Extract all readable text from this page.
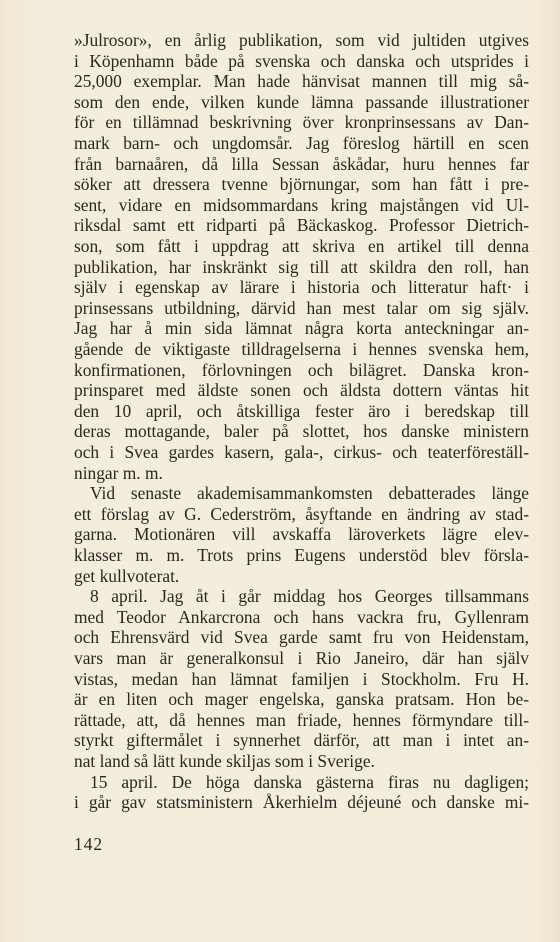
»Julrosor», en årlig publikation, som vid jultiden utgives
i Köpenhamn både på svenska och danska och utsprides i
25,000 exemplar. Man hade hänvisat mannen till mig så-
som den ende, vilken kunde lämna passande illustrationer
för en tillämnad beskrivning över kronprinsessans av Dan-
mark barn- och ungdomsår. Jag föreslog härtill en scen
från barnaåren, då lilla Sessan åskådar, huru hennes far
söker att dressera tvenne björnungar, som han fått i pre-
sent, vidare en midsommardans kring majstången vid Ul-
riksdal samt ett ridparti på Bäckaskog. Professor Dietrich-
son, som fått i uppdrag att skriva en artikel till denna
publikation, har inskränkt sig till att skildra den roll, han
själv i egenskap av lärare i historia och litteratur haft· i
prinsessans utbildning, därvid han mest talar om sig själv.
Jag har å min sida lämnat några korta anteckningar an-
gående de viktigaste tilldragelserna i hennes svenska hem,
konfirmationen, förlovningen och bilägret. Danska kron-
prinsparet med äldste sonen och äldsta dottern väntas hit
den 10 april, och åtskilliga fester äro i beredskap till
deras mottagande, baler på slottet, hos danske ministern
och i Svea gardes kasern, gala-, cirkus- och teaterföreställ-
ningar m. m.
Vid senaste akademisammankomsten debatterades länge
ett förslag av G. Cederström, åsyftande en ändring av stad-
garna. Motionären vill avskaffa läroverkets lägre elev-
klasser m. m. Trots prins Eugens understöd blev försla-
get kullvoterat.
8 april. Jag åt i går middag hos Georges tillsammans
med Teodor Ankarcrona och hans vackra fru, Gyllenram
och Ehrensvärd vid Svea garde samt fru von Heidenstam,
vars man är generalkonsul i Rio Janeiro, där han själv
vistas, medan han lämnat familjen i Stockholm. Fru H.
är en liten och mager engelska, ganska pratsam. Hon be-
rättade, att, då hennes man friade, hennes förmyndare till-
styrkt giftermålet i synnerhet därför, att man i intet an-
nat land så lätt kunde skiljas som i Sverige.
15 april. De höga danska gästerna firas nu dagligen;
i går gav statsministern Åkerhielm déjeuné och danske mi-
142
